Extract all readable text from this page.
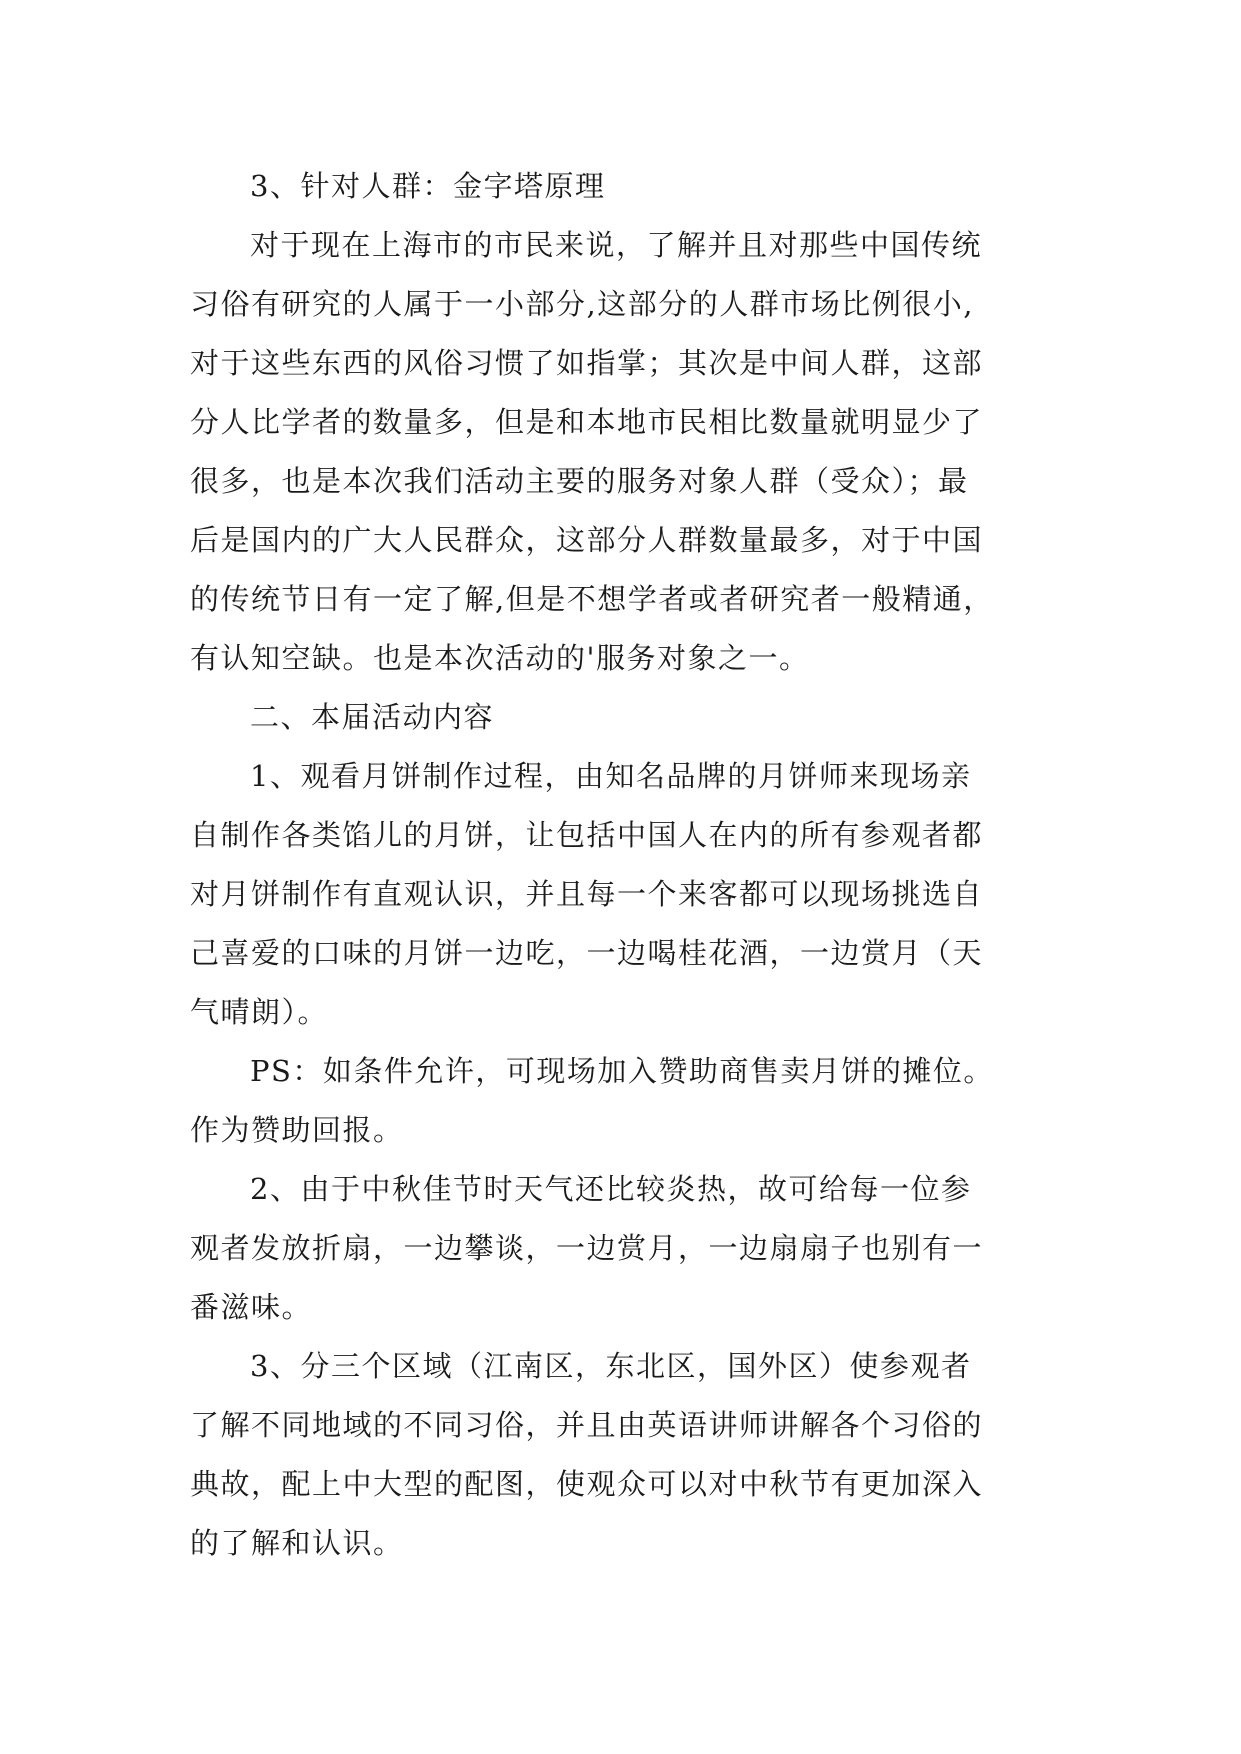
3、针对人群：金字塔原理
对于现在上海市的市民来说，了解并且对那些中国传统
习俗有研究的人属于一小部分,这部分的人群市场比例很小,
对于这些东西的风俗习惯了如指掌；其次是中间人群，这部
分人比学者的数量多，但是和本地市民相比数量就明显少了
很多，也是本次我们活动主要的服务对象人群（受众）；最
后是国内的广大人民群众，这部分人群数量最多，对于中国
的传统节日有一定了解,但是不想学者或者研究者一般精通，
有认知空缺。也是本次活动的'服务对象之一。
二、本届活动内容
1、观看月饼制作过程，由知名品牌的月饼师来现场亲
自制作各类馅儿的月饼，让包括中国人在内的所有参观者都
对月饼制作有直观认识，并且每一个来客都可以现场挑选自
己喜爱的口味的月饼一边吃，一边喝桂花酒，一边赏月（天
气晴朗）。
PS：如条件允许，可现场加入赞助商售卖月饼的摊位。
作为赞助回报。
2、由于中秋佳节时天气还比较炎热，故可给每一位参
观者发放折扇，一边攀谈，一边赏月，一边扇扇子也别有一
番滋味。
3、分三个区域（江南区，东北区，国外区）使参观者
了解不同地域的不同习俗，并且由英语讲师讲解各个习俗的
典故，配上中大型的配图，使观众可以对中秋节有更加深入
的了解和认识。
